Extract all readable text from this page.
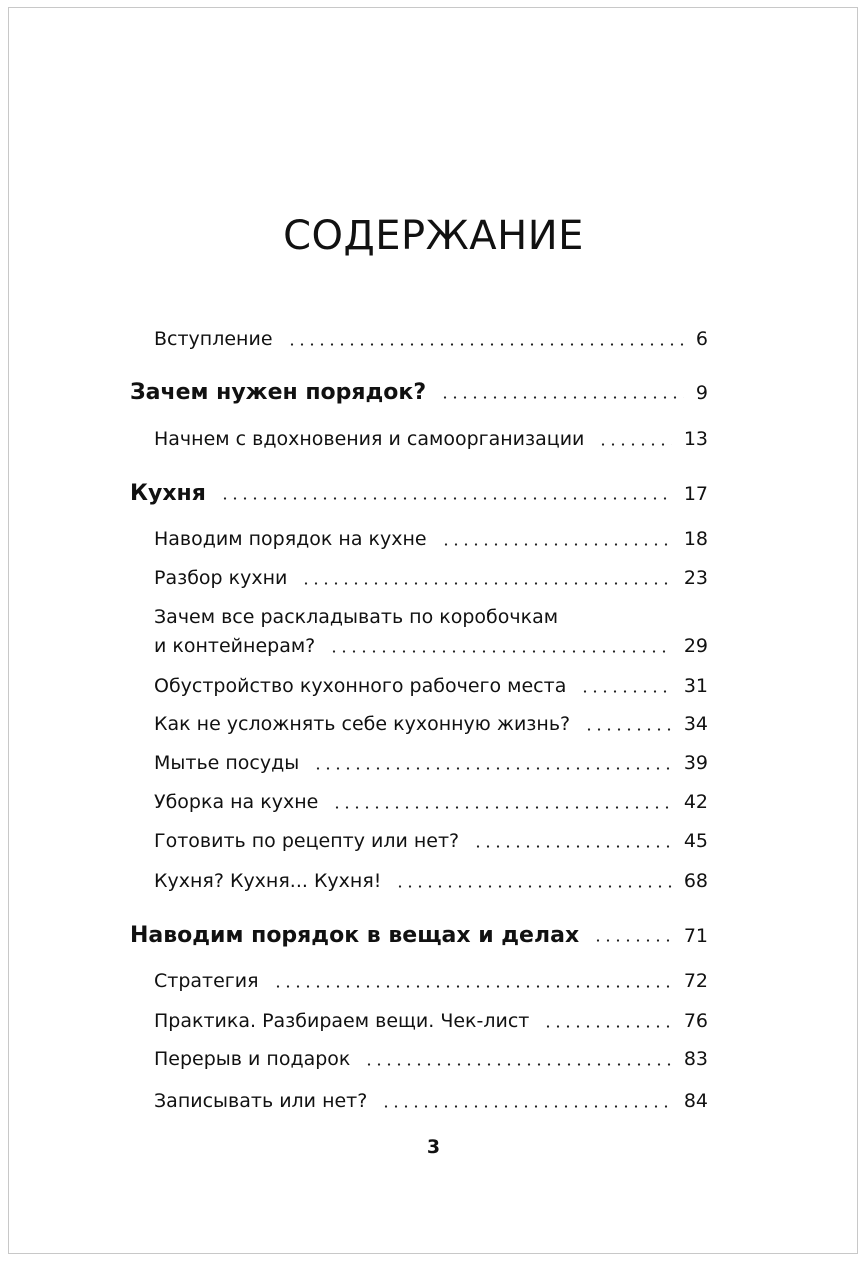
СОДЕРЖАНИЕ
Вступление	6
Зачем нужен порядок?	9
Начнем с вдохновения и самоорганизации	13
Кухня	17
Наводим порядок на кухне	18
Разбор кухни	23
Зачем все раскладывать по коробочкам
и контейнерам?	29
Обустройство кухонного рабочего места	31
Как не усложнять себе кухонную жизнь?	34
Мытье посуды	39
Уборка на кухне	42
Готовить по рецепту или нет?	45
Кухня? Кухня... Кухня!	68
Наводим порядок в вещах и делах	71
Стратегия	72
Практика. Разбираем вещи. Чек-лист	76
Перерыв и подарок	83
Записывать или нет?	84
3
